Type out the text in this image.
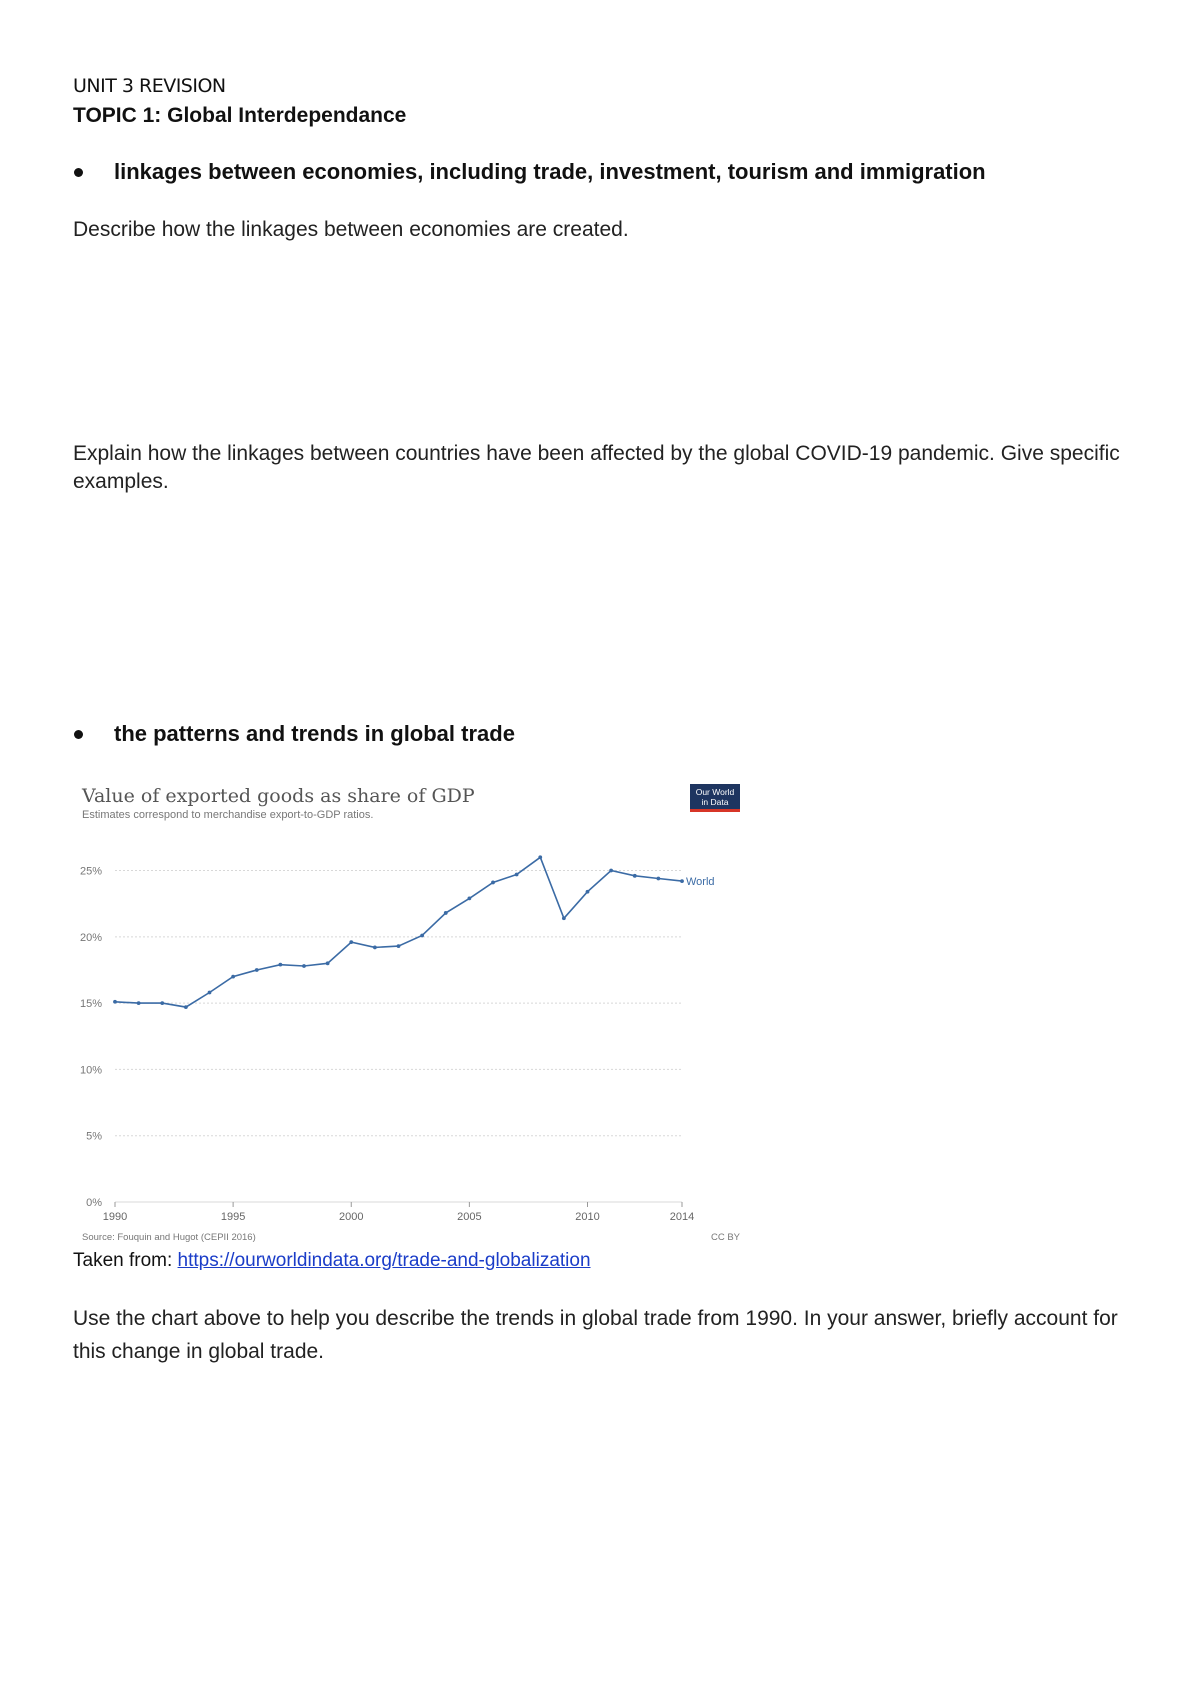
UNIT 3 REVISION
TOPIC 1: Global Interdependance
linkages between economies, including trade, investment, tourism and immigration
Describe how the linkages between economies are created.
Explain how the linkages between countries have been affected by the global COVID-19 pandemic. Give specific examples.
the patterns and trends in global trade
Value of exported goods as share of GDP
Estimates correspond to merchandise export-to-GDP ratios.
Our World
in Data
0%
5%
10%
15%
20%
25%
1990	1995	2000	2005	2010	2014
World
Source: Fouquin and Hugot (CEPII 2016)	CC BY
Taken from: https://ourworldindata.org/trade-and-globalization
Use the chart above to help you describe the trends in global trade from 1990. In your answer, briefly account for this change in global trade.
